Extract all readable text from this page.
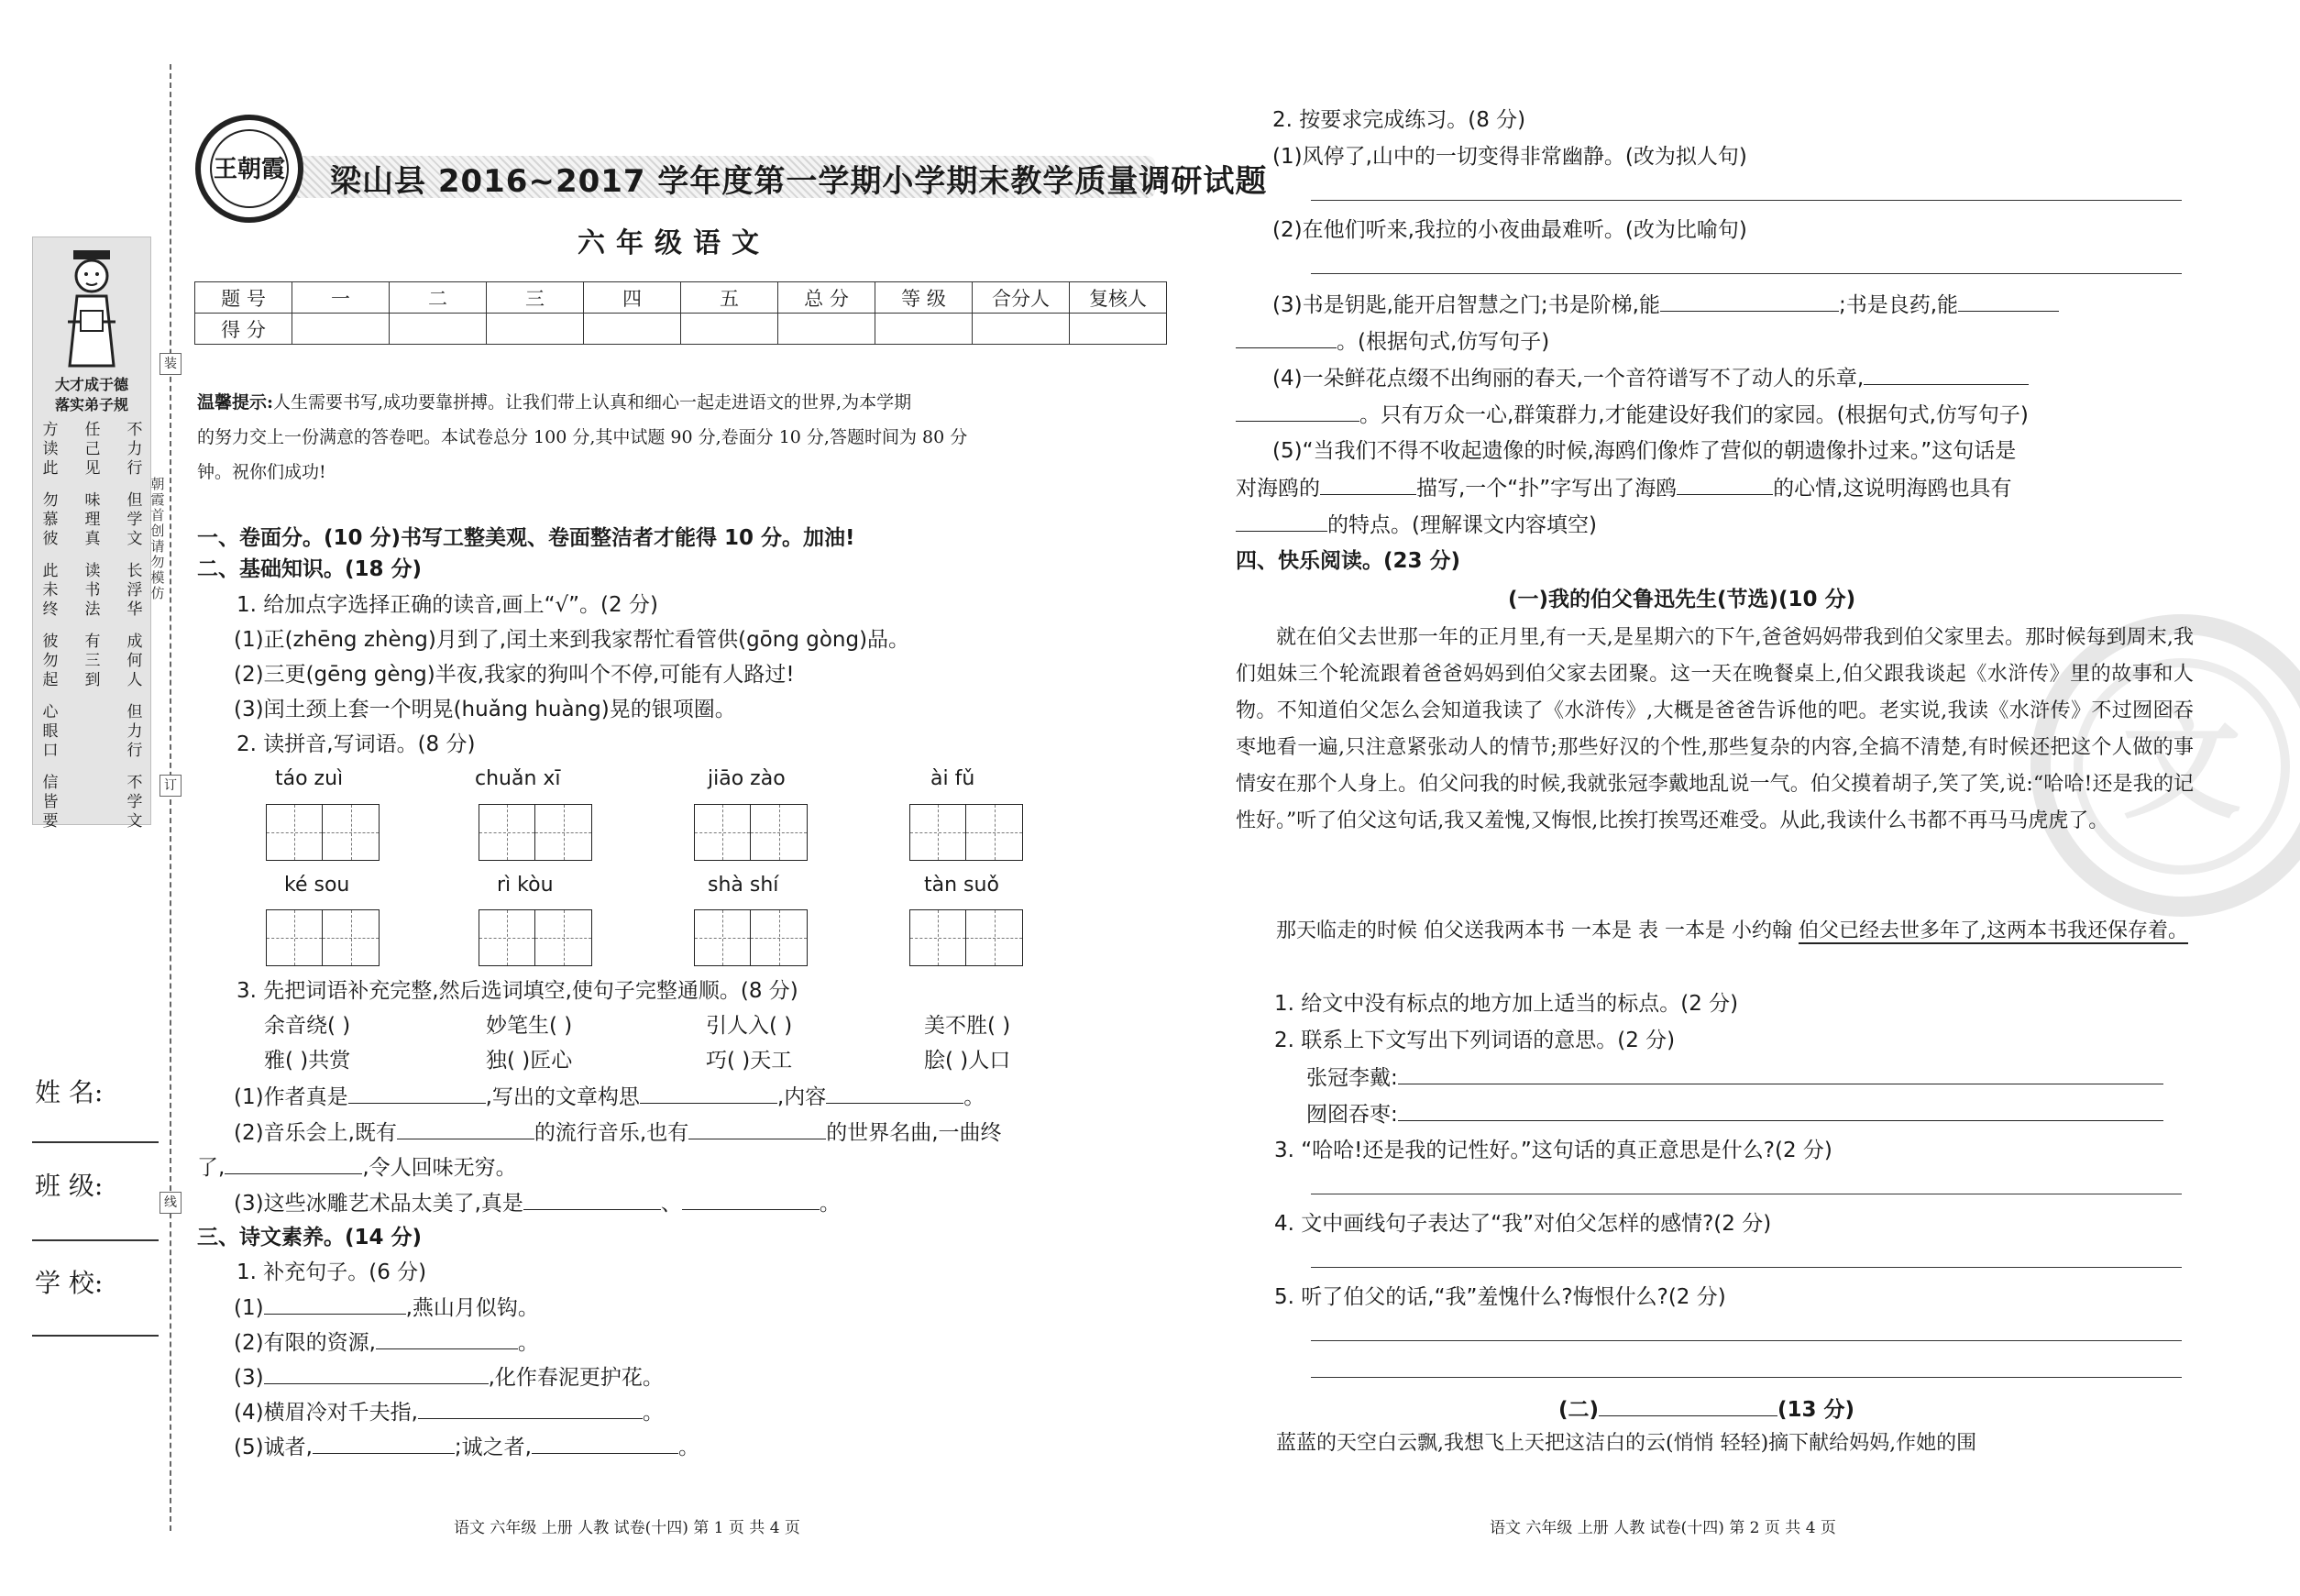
大才成于德
落实弟子规
不
力
行
但
学
文
长
浮
华
成
何
人
但
力
行
不
学
文
任
己
见
味
理
真
读
书
法
有
三
到
方
读
此
勿
慕
彼
此
未
终
彼
勿
起
心
眼
口
信
皆
要
朝
霞
首
创
请
勿
模
仿
装
订
线
姓 名:
班 级:
学 校:
王朝霞 梁山县 2016~2017 学年度第一学期小学期末教学质量调研试题
六年级语文
题 号	一	二	三	四	五	总 分	等 级	合分人	复核人
得 分									
温馨提示:人生需要书写,成功要靠拼搏。让我们带上认真和细心一起走进语文的世界,为本学期
的努力交上一份满意的答卷吧。本试卷总分 100 分,其中试题 90 分,卷面分 10 分,答题时间为 80 分
钟。祝你们成功!
一、卷面分。(10 分)书写工整美观、卷面整洁者才能得 10 分。加油!
二、基础知识。(18 分)
1. 给加点字选择正确的读音,画上“√”。(2 分)
(1)正(zhēng zhèng)月到了,闰土来到我家帮忙看管供(gōng gòng)品。
(2)三更(gēng gèng)半夜,我家的狗叫个不停,可能有人路过!
(3)闰土颈上套一个明晃(huǎng huàng)晃的银项圈。
2. 读拼音,写词语。(8 分)
táo zuì	chuǎn xī	jiāo zào	ài fǔ
ké sou	rì kòu	shà shí	tàn suǒ
3. 先把词语补充完整,然后选词填空,使句子完整通顺。(8 分)
余音绕( )	妙笔生( )	引人入( )	美不胜( )
雅( )共赏	独( )匠心	巧( )天工	脍( )人口
(1)作者真是	,写出的文章构思	,内容	。
(2)音乐会上,既有	的流行音乐,也有	的世界名曲,一曲终
了,	,令人回味无穷。
(3)这些冰雕艺术品太美了,真是	、	。
三、诗文素养。(14 分)
1. 补充句子。(6 分)
(1)	,燕山月似钩。
(2)有限的资源,	。
(3)	,化作春泥更护花。
(4)横眉冷对千夫指,	。
(5)诚者,	;诚之者,	。
语文 六年级 上册 人教 试卷(十四) 第 1 页 共 4 页
文
2. 按要求完成练习。(8 分)
(1)风停了,山中的一切变得非常幽静。(改为拟人句)
(2)在他们听来,我拉的小夜曲最难听。(改为比喻句)
(3)书是钥匙,能开启智慧之门;书是阶梯,能	;书是良药,能
。(根据句式,仿写句子)
(4)一朵鲜花点缀不出绚丽的春天,一个音符谱写不了动人的乐章,
。只有万众一心,群策群力,才能建设好我们的家园。(根据句式,仿写句子)
(5)“当我们不得不收起遗像的时候,海鸥们像炸了营似的朝遗像扑过来。”这句话是
对海鸥的	描写,一个“扑”字写出了海鸥	的心情,这说明海鸥也具有
的特点。(理解课文内容填空)
四、快乐阅读。(23 分)
(一)我的伯父鲁迅先生(节选)(10 分)
就在伯父去世那一年的正月里,有一天,是星期六的下午,爸爸妈妈带我到伯父家里去。那时候每到周末,我们姐妹三个轮流跟着爸爸妈妈到伯父家去团聚。这一天在晚餐桌上,伯父跟我谈起《水浒传》里的故事和人物。不知道伯父怎么会知道我读了《水浒传》,大概是爸爸告诉他的吧。老实说,我读《水浒传》不过囫囵吞枣地看一遍,只注意紧张动人的情节;那些好汉的个性,那些复杂的内容,全搞不清楚,有时候还把这个人做的事情安在那个人身上。伯父问我的时候,我就张冠李戴地乱说一气。伯父摸着胡子,笑了笑,说:“哈哈!还是我的记性好。”听了伯父这句话,我又羞愧,又悔恨,比挨打挨骂还难受。从此,我读什么书都不再马马虎虎了。
那天临走的时候 伯父送我两本书 一本是 表 一本是 小约翰 伯父已经去世多年了,这两本书我还保存着。
1. 给文中没有标点的地方加上适当的标点。(2 分)
2. 联系上下文写出下列词语的意思。(2 分)
张冠李戴:
囫囵吞枣:
3. “哈哈!还是我的记性好。”这句话的真正意思是什么?(2 分)
4. 文中画线句子表达了“我”对伯父怎样的感情?(2 分)
5. 听了伯父的话,“我”羞愧什么?悔恨什么?(2 分)
(二)	(13 分)
蓝蓝的天空白云飘,我想飞上天把这洁白的云(悄悄 轻轻)摘下献给妈妈,作她的围
语文 六年级 上册 人教 试卷(十四) 第 2 页 共 4 页
